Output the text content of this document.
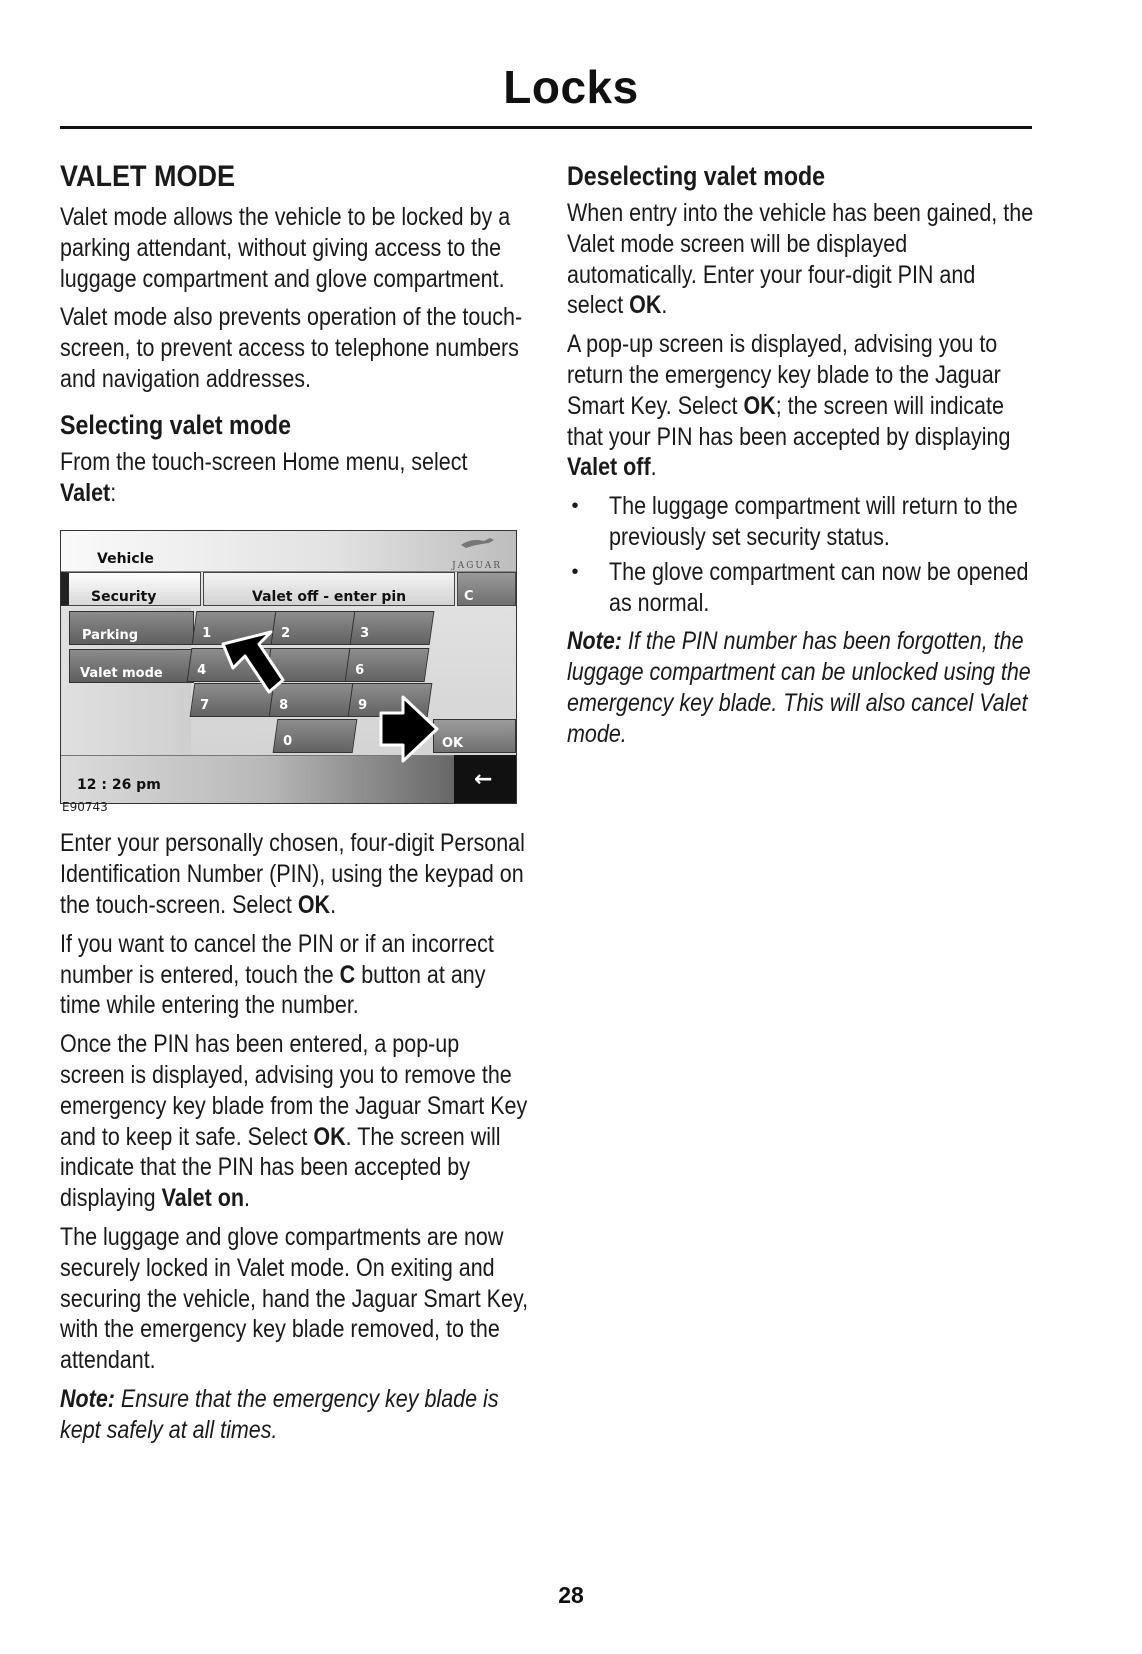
Locks
VALET MODE

Valet mode allows the vehicle to be locked by a parking attendant, without giving access to the luggage compartment and glove compartment.

Valet mode also prevents operation of the touch-screen, to prevent access to telephone numbers and navigation addresses.

Selecting valet mode

From the touch-screen Home menu, select Valet:

Vehicle	JAGUAR
Security	Valet off - enter pin	C
Parking
Valet mode
1	2	3
4	6
7	8	9
0	OK
12 : 26 pm	←
E90743

Enter your personally chosen, four-digit Personal Identification Number (PIN), using the keypad on the touch-screen. Select OK.

If you want to cancel the PIN or if an incorrect number is entered, touch the C button at any time while entering the number.

Once the PIN has been entered, a pop-up screen is displayed, advising you to remove the emergency key blade from the Jaguar Smart Key and to keep it safe. Select OK. The screen will indicate that the PIN has been accepted by displaying Valet on.

The luggage and glove compartments are now securely locked in Valet mode. On exiting and securing the vehicle, hand the Jaguar Smart Key, with the emergency key blade removed, to the attendant.

Note: Ensure that the emergency key blade is kept safely at all times.

Deselecting valet mode

When entry into the vehicle has been gained, the Valet mode screen will be displayed automatically. Enter your four-digit PIN and select OK.

A pop-up screen is displayed, advising you to return the emergency key blade to the Jaguar Smart Key. Select OK; the screen will indicate that your PIN has been accepted by displaying Valet off.

• The luggage compartment will return to the previously set security status.
• The glove compartment can now be opened as normal.

Note: If the PIN number has been forgotten, the luggage compartment can be unlocked using the emergency key blade. This will also cancel Valet mode.

28
